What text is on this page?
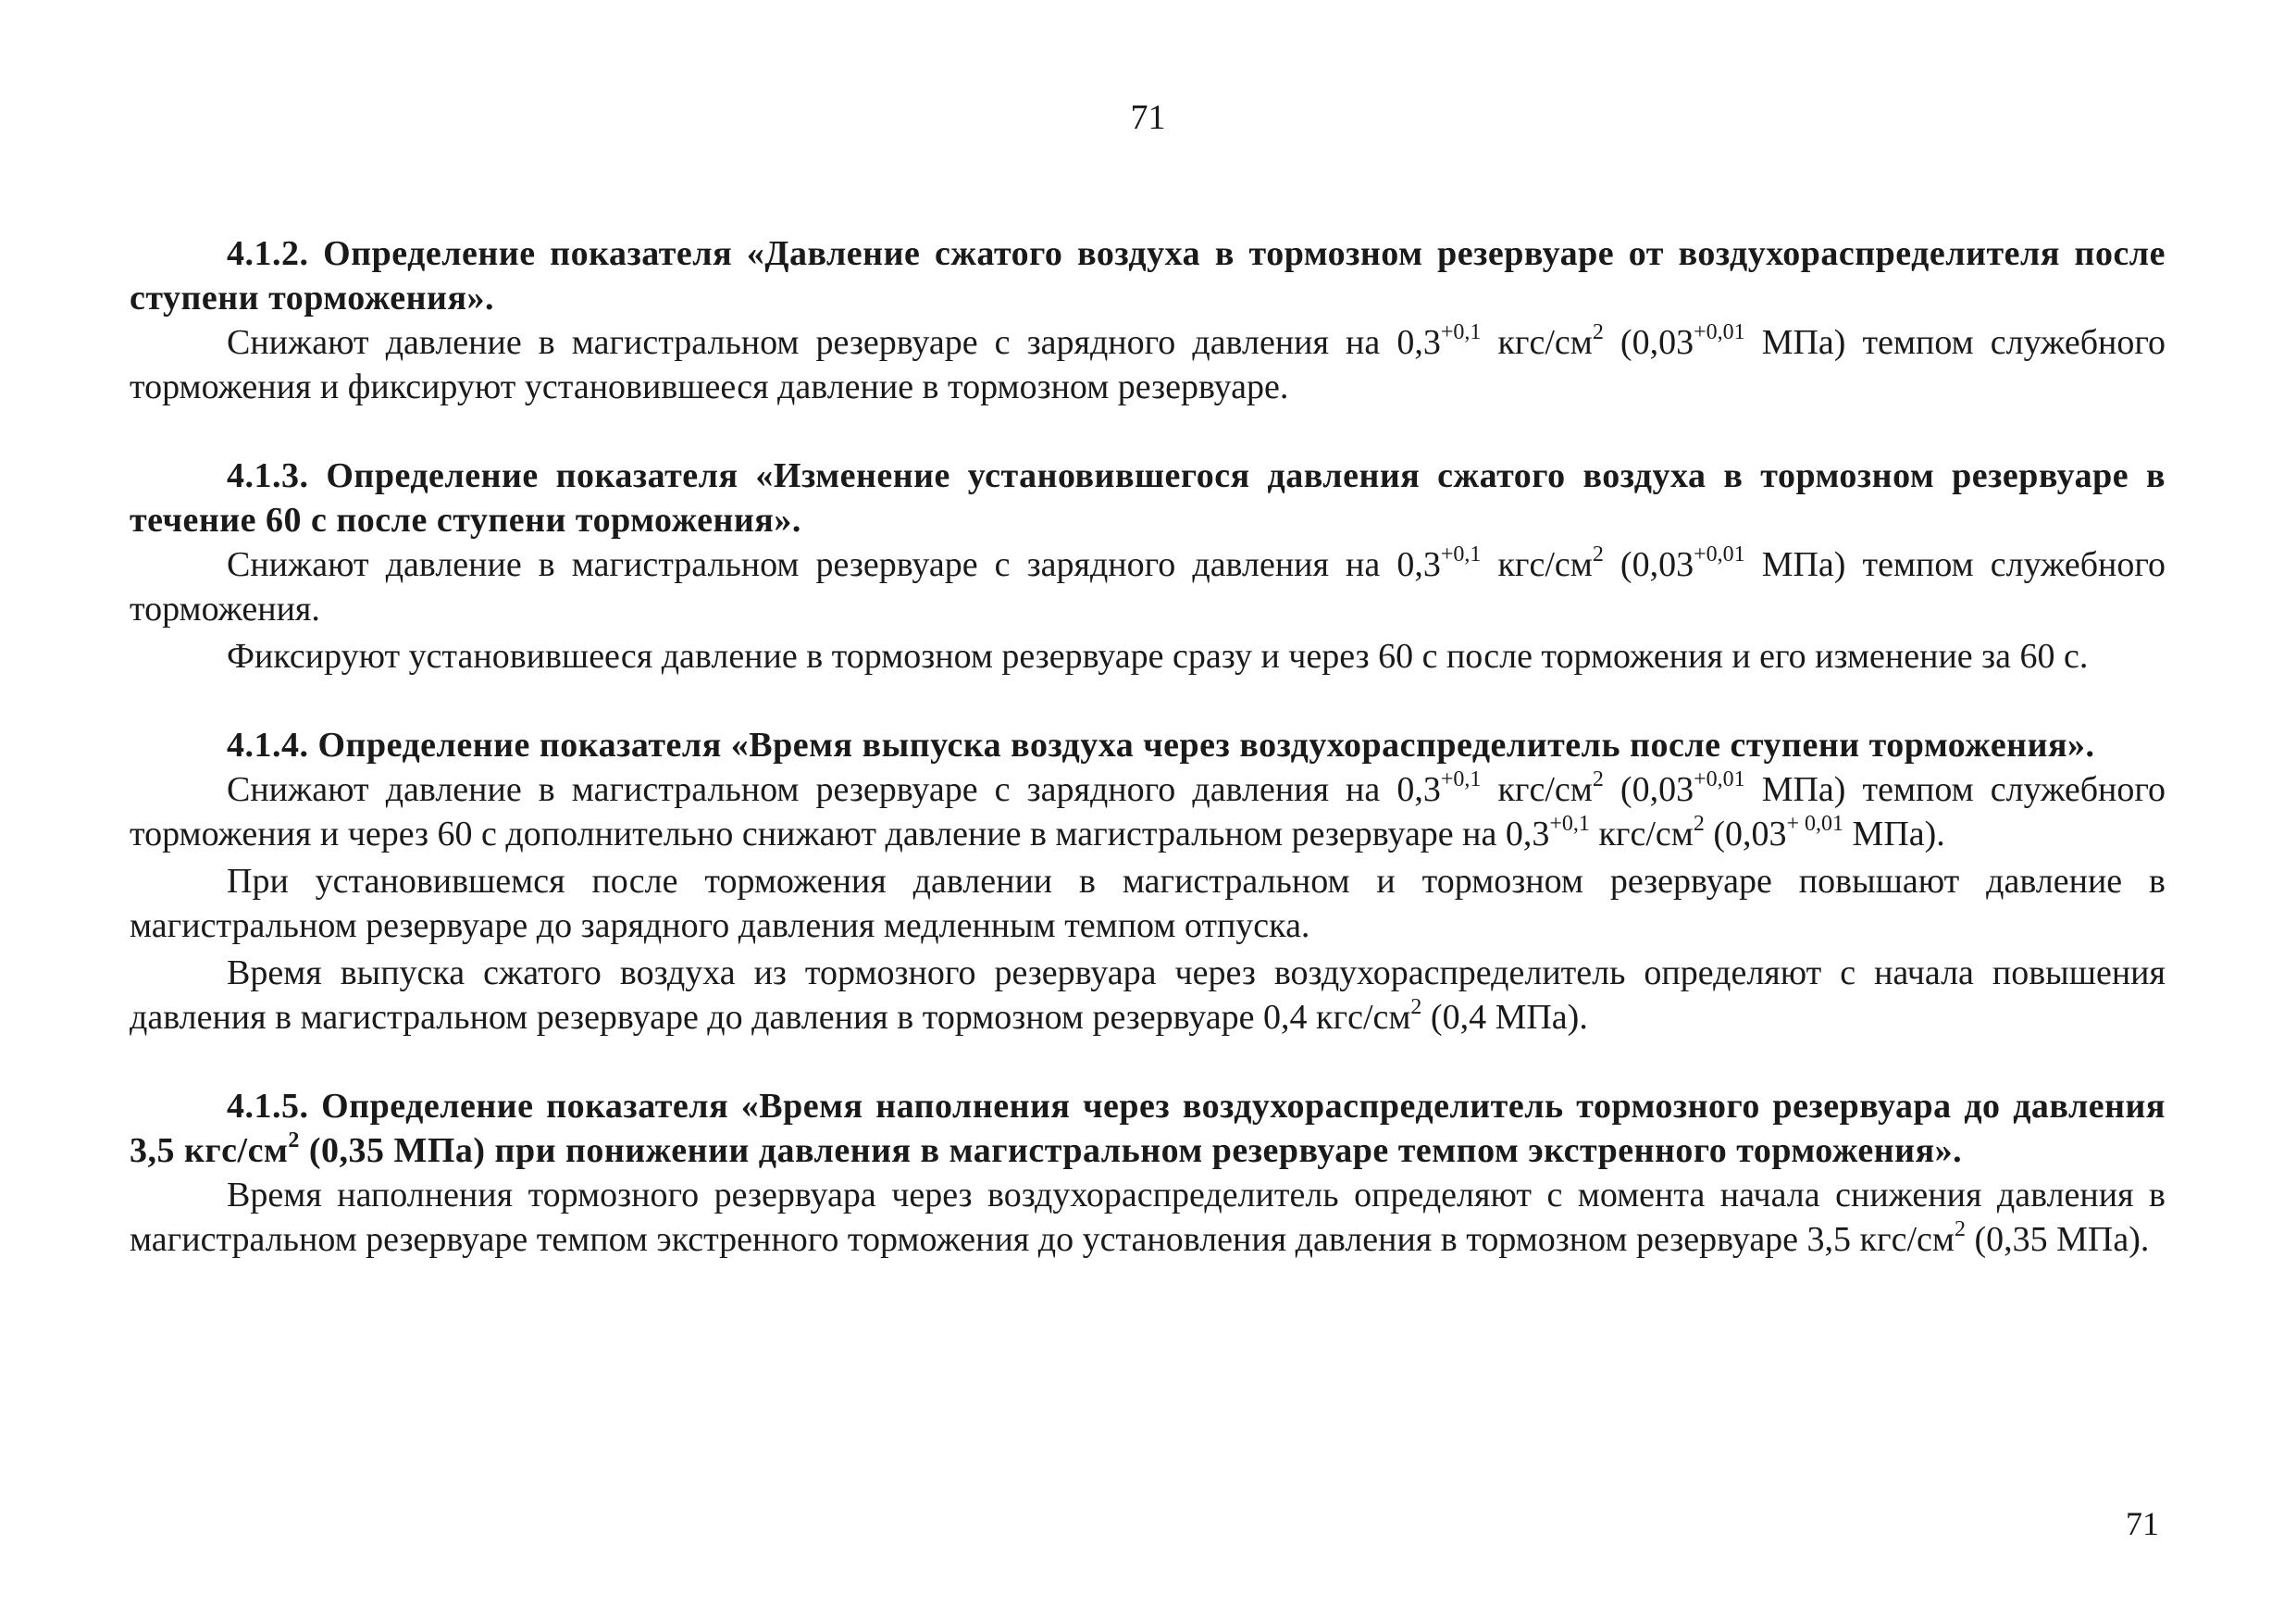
71

4.1.2. Определение показателя «Давление сжатого воздуха в тормозном резервуаре от воздухораспределителя после ступени торможения».

Снижают давление в магистральном резервуаре с зарядного давления на $0,3^{+0,1}$ кгс/$см^2$ ($0,03^{+0,01}$ МПа) темпом служебного торможения и фиксируют установившееся давление в тормозном резервуаре.

4.1.3. Определение показателя «Изменение установившегося давления сжатого воздуха в тормозном резервуаре в течение 60 с после ступени торможения».

Снижают давление в магистральном резервуаре с зарядного давления на $0,3^{+0,1}$ кгс/$см^2$ ($0,03^{+0,01}$ МПа) темпом служебного торможения.

Фиксируют установившееся давление в тормозном резервуаре сразу и через 60 с после торможения и его изменение за 60 с.

4.1.4. Определение показателя «Время выпуска воздуха через воздухораспределитель после ступени торможения».

Снижают давление в магистральном резервуаре с зарядного давления на $0,3^{+0,1}$ кгс/$см^2$ ($0,03^{+0,01}$ МПа) темпом служебного торможения и через 60 с дополнительно снижают давление в магистральном резервуаре на $0,3^{+0,1}$ кгс/$см^2$ ($0,03^{+ 0,01}$ МПа).

При установившемся после торможения давлении в магистральном и тормозном резервуаре повышают давление в магистральном резервуаре до зарядного давления медленным темпом отпуска.

Время выпуска сжатого воздуха из тормозного резервуара через воздухораспределитель определяют с начала повышения давления в магистральном резервуаре до давления в тормозном резервуаре 0,4 кгс/$см^2$ (0,4 МПа).

4.1.5. Определение показателя «Время наполнения через воздухораспределитель тормозного резервуара до давления 3,5 кгс/$см^2$ (0,35 МПа) при понижении давления в магистральном резервуаре темпом экстренного торможения».

Время наполнения тормозного резервуара через воздухораспределитель определяют с момента начала снижения давления в магистральном резервуаре темпом экстренного торможения до установления давления в тормозном резервуаре 3,5 кгс/$см^2$ (0,35 МПа).

71
